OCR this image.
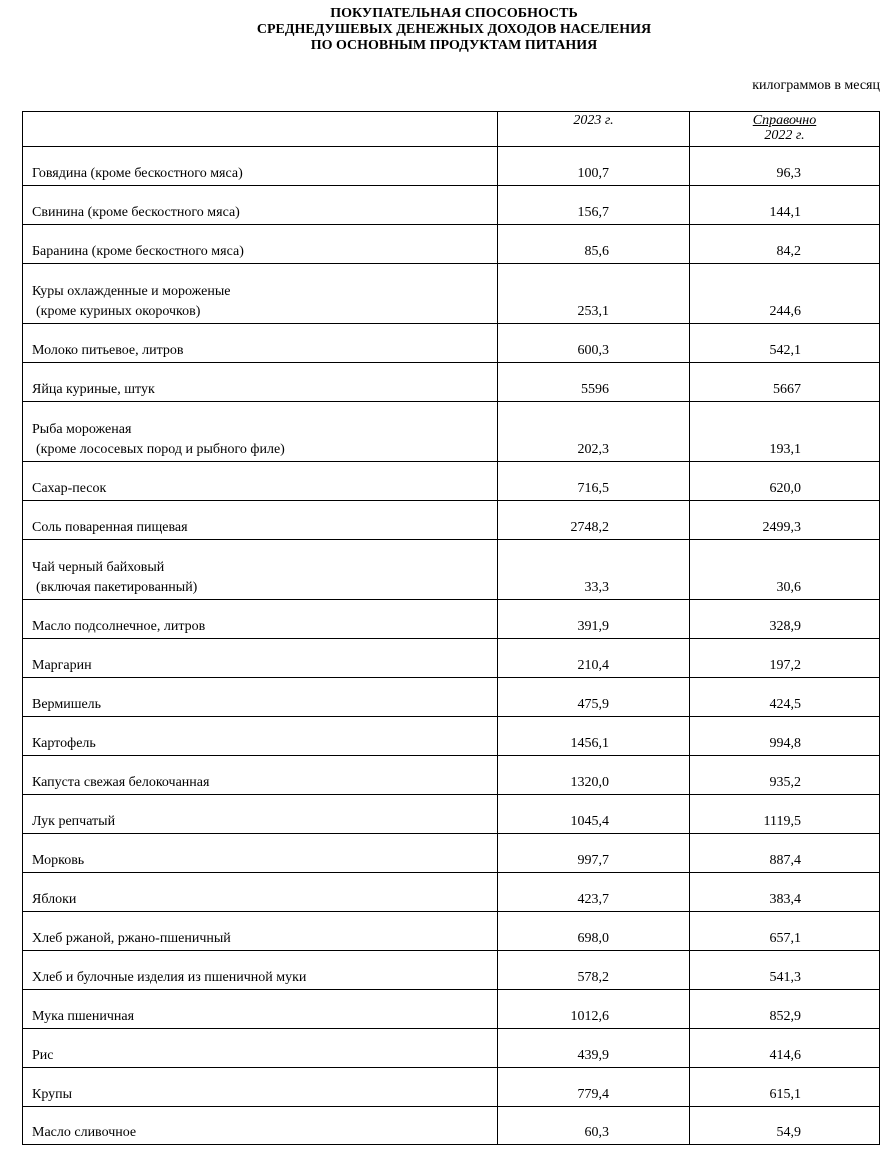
ПОКУПАТЕЛЬНАЯ СПОСОБНОСТЬ
СРЕДНЕДУШЕВЫХ ДЕНЕЖНЫХ ДОХОДОВ НАСЕЛЕНИЯ
ПО ОСНОВНЫМ ПРОДУКТАМ ПИТАНИЯ
килограммов в месяц
	2023 г.	Справочно
2022 г.
Говядина (кроме бескостного мяса)	100,7	96,3
Свинина (кроме бескостного мяса)	156,7	144,1
Баранина (кроме бескостного мяса)	85,6	84,2
Куры охлажденные и мороженые
(кроме куриных окорочков)	253,1	244,6
Молоко питьевое, литров	600,3	542,1
Яйца куриные, штук	5596	5667
Рыба мороженая
(кроме лососевых пород и рыбного филе)	202,3	193,1
Сахар-песок	716,5	620,0
Соль поваренная пищевая	2748,2	2499,3
Чай черный байховый
(включая пакетированный)	33,3	30,6
Масло подсолнечное, литров	391,9	328,9
Маргарин	210,4	197,2
Вермишель	475,9	424,5
Картофель	1456,1	994,8
Капуста свежая белокочанная	1320,0	935,2
Лук репчатый	1045,4	1119,5
Морковь	997,7	887,4
Яблоки	423,7	383,4
Хлеб ржаной, ржано-пшеничный	698,0	657,1
Хлеб и булочные изделия из пшеничной муки	578,2	541,3
Мука пшеничная	1012,6	852,9
Рис	439,9	414,6
Крупы	779,4	615,1
Масло сливочное	60,3	54,9
